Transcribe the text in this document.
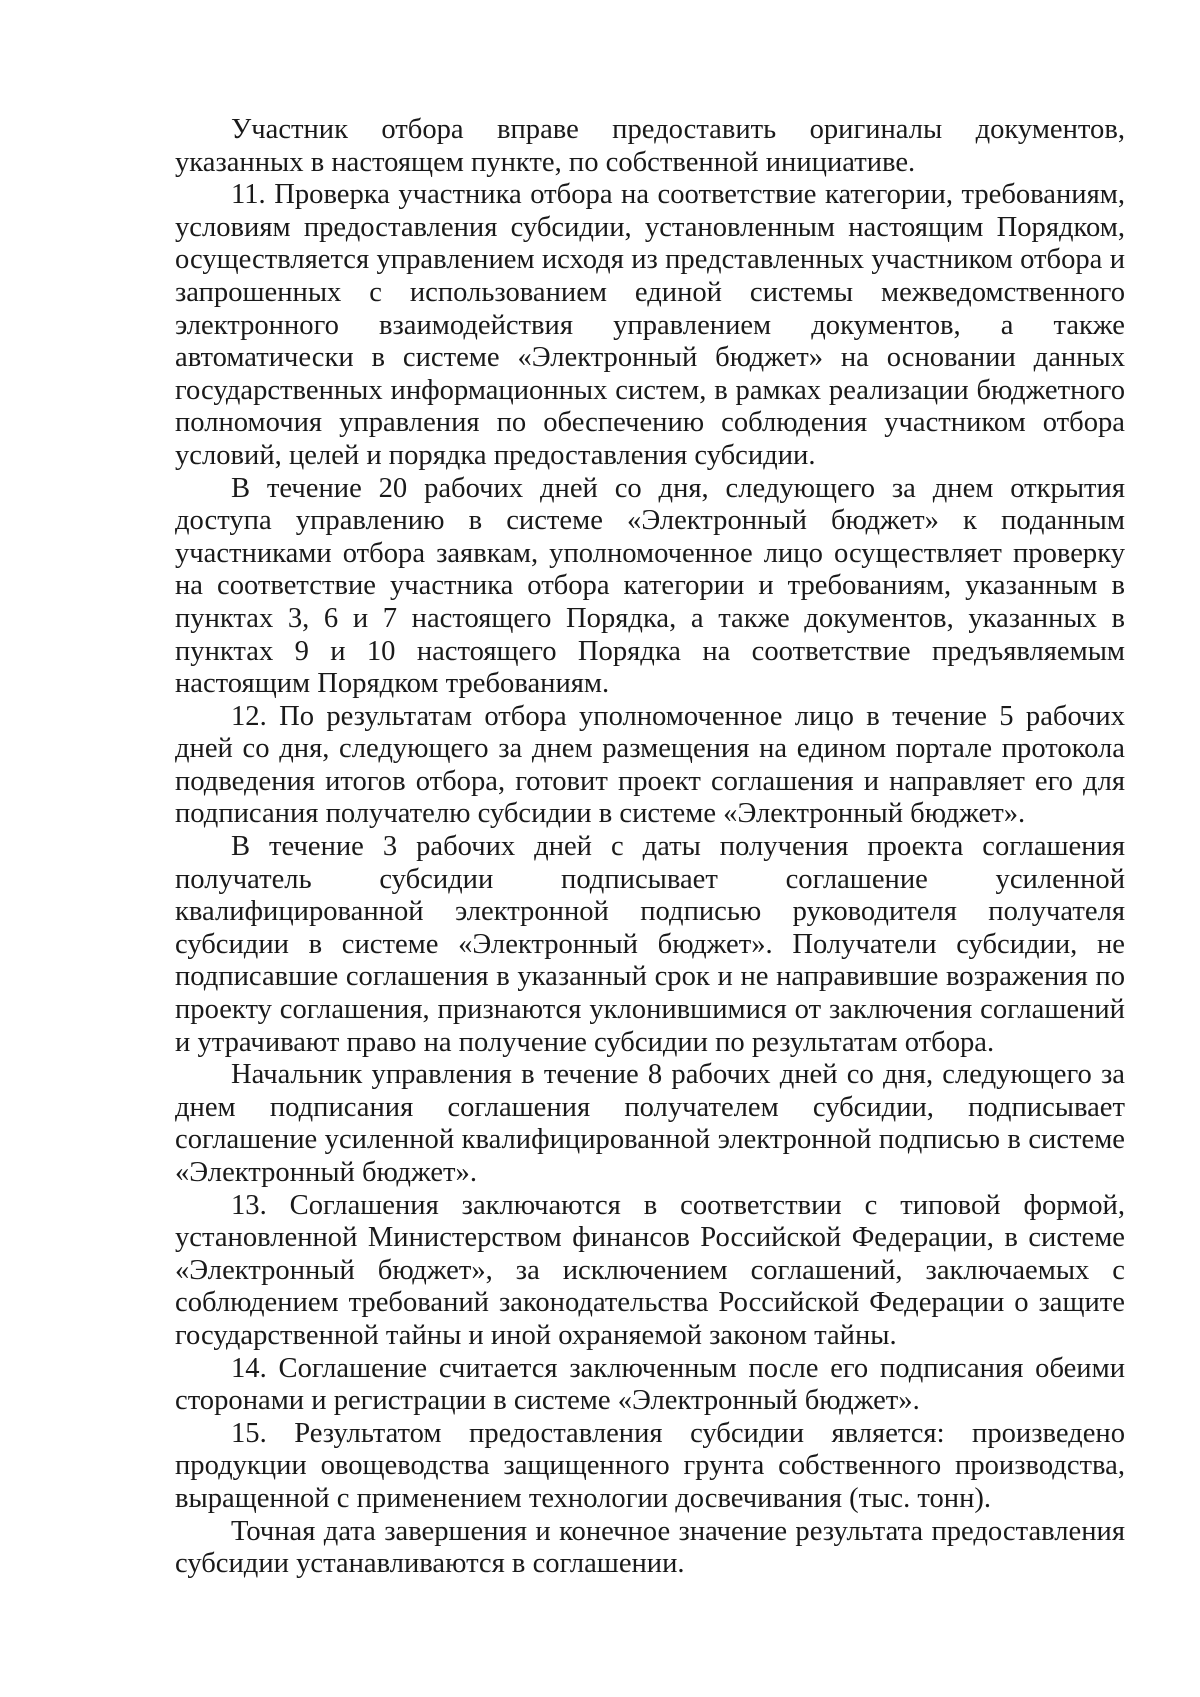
Участник отбора вправе предоставить оригиналы документов, указанных в настоящем пункте, по собственной инициативе.

11. Проверка участника отбора на соответствие категории, требованиям, условиям предоставления субсидии, установленным настоящим Порядком, осуществляется управлением исходя из представленных участником отбора и запрошенных с использованием единой системы межведомственного электронного взаимодействия управлением документов, а также автоматически в системе «Электронный бюджет» на основании данных государственных информационных систем, в рамках реализации бюджетного полномочия управления по обеспечению соблюдения участником отбора условий, целей и порядка предоставления субсидии.

В течение 20 рабочих дней со дня, следующего за днем открытия доступа управлению в системе «Электронный бюджет» к поданным участниками отбора заявкам, уполномоченное лицо осуществляет проверку на соответствие участника отбора категории и требованиям, указанным в пунктах 3, 6 и 7 настоящего Порядка, а также документов, указанных в пунктах 9 и 10 настоящего Порядка на соответствие предъявляемым настоящим Порядком требованиям.

12. По результатам отбора уполномоченное лицо в течение 5 рабочих дней со дня, следующего за днем размещения на едином портале протокола подведения итогов отбора, готовит проект соглашения и направляет его для подписания получателю субсидии в системе «Электронный бюджет».

В течение 3 рабочих дней с даты получения проекта соглашения получатель субсидии подписывает соглашение усиленной квалифицированной электронной подписью руководителя получателя субсидии в системе «Электронный бюджет». Получатели субсидии, не подписавшие соглашения в указанный срок и не направившие возражения по проекту соглашения, признаются уклонившимися от заключения соглашений и утрачивают право на получение субсидии по результатам отбора.

Начальник управления в течение 8 рабочих дней со дня, следующего за днем подписания соглашения получателем субсидии, подписывает соглашение усиленной квалифицированной электронной подписью в системе «Электронный бюджет».

13. Соглашения заключаются в соответствии с типовой формой, установленной Министерством финансов Российской Федерации, в системе «Электронный бюджет», за исключением соглашений, заключаемых с соблюдением требований законодательства Российской Федерации о защите государственной тайны и иной охраняемой законом тайны.

14. Соглашение считается заключенным после его подписания обеими сторонами и регистрации в системе «Электронный бюджет».

15. Результатом предоставления субсидии является: произведено продукции овощеводства защищенного грунта собственного производства, выращенной с применением технологии досвечивания (тыс. тонн).

Точная дата завершения и конечное значение результата предоставления субсидии устанавливаются в соглашении.
